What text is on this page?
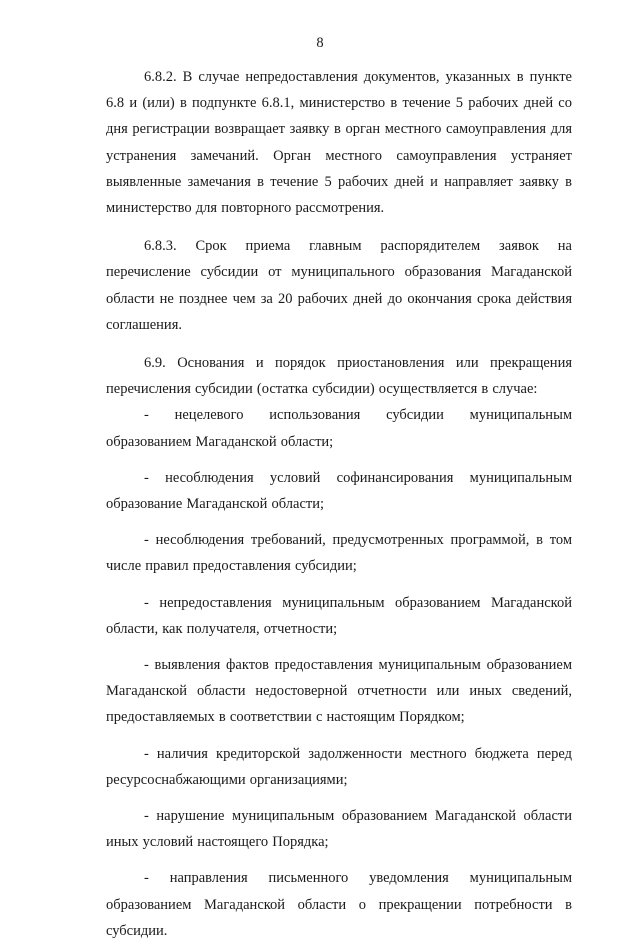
8

6.8.2. В случае непредоставления документов, указанных в пункте 6.8 и (или) в подпункте 6.8.1, министерство в течение 5 рабочих дней со дня регистрации возвращает заявку в орган местного самоуправления для устранения замечаний. Орган местного самоуправления устраняет выявленные замечания в течение 5 рабочих дней и направляет заявку в министерство для повторного рассмотрения.

6.8.3. Срок приема главным распорядителем заявок на перечисление субсидии от муниципального образования Магаданской области не позднее чем за 20 рабочих дней до окончания срока действия соглашения.

6.9. Основания и порядок приостановления или прекращения перечисления субсидии (остатка субсидии) осуществляется в случае:

- нецелевого использования субсидии муниципальным образованием Магаданской области;

- несоблюдения условий софинансирования муниципальным образование Магаданской области;

- несоблюдения требований, предусмотренных программой, в том числе правил предоставления субсидии;

- непредоставления муниципальным образованием Магаданской области, как получателя, отчетности;

- выявления фактов предоставления муниципальным образованием Магаданской области недостоверной отчетности или иных сведений, предоставляемых в соответствии с настоящим Порядком;

- наличия кредиторской задолженности местного бюджета перед ресурсоснабжающими организациями;

- нарушение муниципальным образованием Магаданской области иных условий настоящего Порядка;

- направления письменного уведомления муниципальным образованием Магаданской области о прекращении потребности в субсидии.
